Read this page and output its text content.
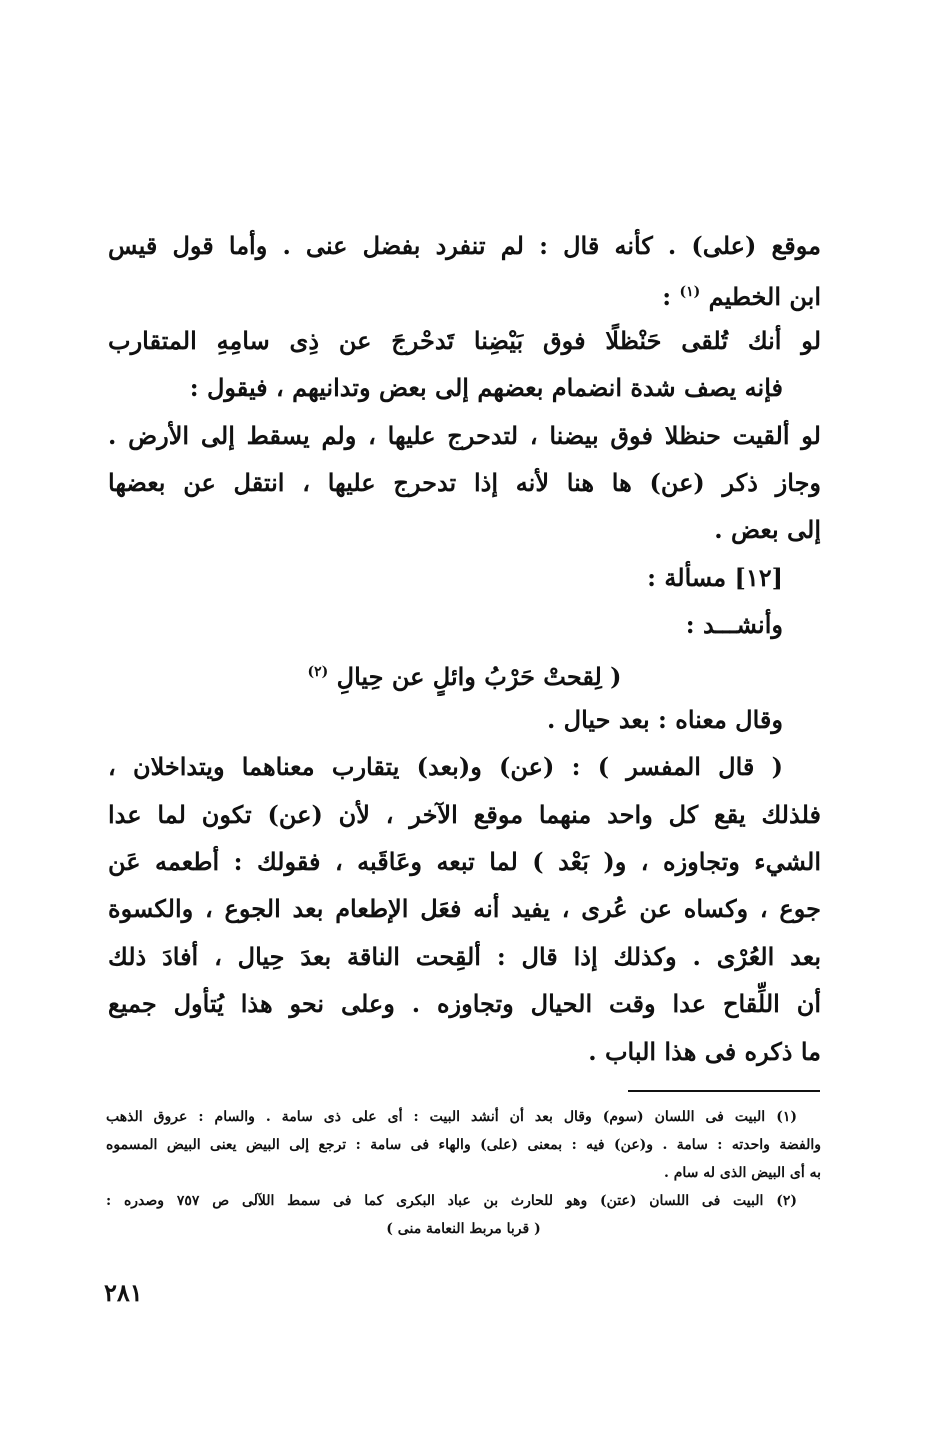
موقع (على) . كأنه قال : لم تنفرد بفضل عنى . وأما قول قيس
ابن الخطيم $^{(١)}$ :
لو أنك تُلقى حَنْظلًا فوق بَيْضِنا تَدحْرجَ عن ذِى سامِهِ المتقارب
فإنه يصف شدة انضمام بعضهم إلى بعض وتدانيهم ، فيقول :
لو ألقيت حنظلا فوق بيضنا ، لتدحرج عليها ، ولم يسقط إلى الأرض .
وجاز ذكر (عن) ها هنا لأنه إذا تدحرج عليها ، انتقل عن بعضها
إلى بعض .
[١٢] مسألة :
وأنشـــد :
( لِقحتْ حَرْبُ وائلٍ عن حِيالِ $^{(٢)}$
وقال معناه : بعد حيال .
( قال المفسر ) : (عن) و(بعد) يتقارب معناهما ويتداخلان ،
فلذلك يقع كل واحد منهما موقع الآخر ، لأن (عن) تكون لما عدا
الشيء وتجاوزه ، و( بَعْد ) لما تبعه وعَاقَبه ، فقولك : أطعمه عَن
جوع ، وكساه عن عُرى ، يفيد أنه فعَل الإطعام بعد الجوع ، والكسوة
بعد العُرْى . وكذلك إذا قال : ألقِحت الناقة بعدَ حِيال ، أفادَ ذلك
أن اللِّقاح عدا وقت الحيال وتجاوزه . وعلى نحو هذا يُتأول جميع
ما ذكره فى هذا الباب .
(١) البيت فى اللسان (سوم) وقال بعد أن أنشد البيت : أى على ذى سامة . والسام : عروق الذهب
والفضة واحدته : سامة . و(عن) فيه : بمعنى (على) والهاء فى سامة : ترجع إلى البيض يعنى البيض المسموه
به أى البيض الذى له سام .
(٢) البيت فى اللسان (عتن) وهو للحارث بن عباد البكرى كما فى سمط اللآلى ص ٧٥٧ وصدره :
( قربا مربط النعامة منى )
٢٨١
